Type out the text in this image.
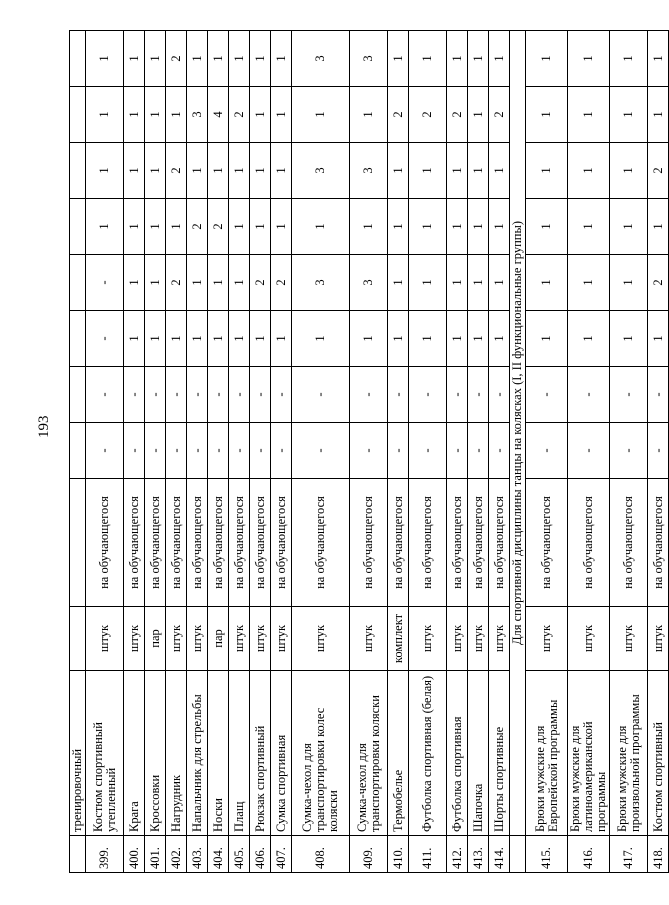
193
	тренировочный										
399.	Костюм спортивный утепленный	штук	на обучающегося	-	-	-	-	1	1	1	1
400.	Крага	штук	на обучающегося	-	-	1	1	1	1	1	1
401.	Кроссовки	пар	на обучающегося	-	-	1	1	1	1	1	1
402.	Нагрудник	штук	на обучающегося	-	-	1	2	1	2	1	2
403.	Напальчник для стрельбы	штук	на обучающегося	-	-	1	1	2	1	3	1
404.	Носки	пар	на обучающегося	-	-	1	1	2	1	4	1
405.	Плащ	штук	на обучающегося	-	-	1	1	1	1	2	1
406.	Рюкзак спортивный	штук	на обучающегося	-	-	1	2	1	1	1	1
407.	Сумка спортивная	штук	на обучающегося	-	-	1	2	1	1	1	1
408.	Сумка-чехол для транспортировки колес коляски	штук	на обучающегося	-	-	1	3	1	3	1	3
409.	Сумка-чехол для транспортировки коляски	штук	на обучающегося	-	-	1	3	1	3	1	3
410.	Термобелье	комплект	на обучающегося	-	-	1	1	1	1	2	1
411.	Футболка спортивная (белая)	штук	на обучающегося	-	-	1	1	1	1	2	1
412.	Футболка спортивная	штук	на обучающегося	-	-	1	1	1	1	2	1
413.	Шапочка	штук	на обучающегося	-	-	1	1	1	1	1	1
414.	Шорты спортивные	штук	на обучающегося	-	-	1	1	1	1	2	1
	Для спортивной дисциплины танцы на колясках (I, II функциональные группы)										
415.	Брюки мужские для Европейской программы	штук	на обучающегося	-	-	1	1	1	1	1	1
416.	Брюки мужские для латиноамериканской программы	штук	на обучающегося	-	-	1	1	1	1	1	1
417.	Брюки мужские для произвольной программы	штук	на обучающегося	-	-	1	1	1	1	1	1
418.	Костюм спортивный	штук	на обучающегося	-	-	1	2	1	2	1	1
